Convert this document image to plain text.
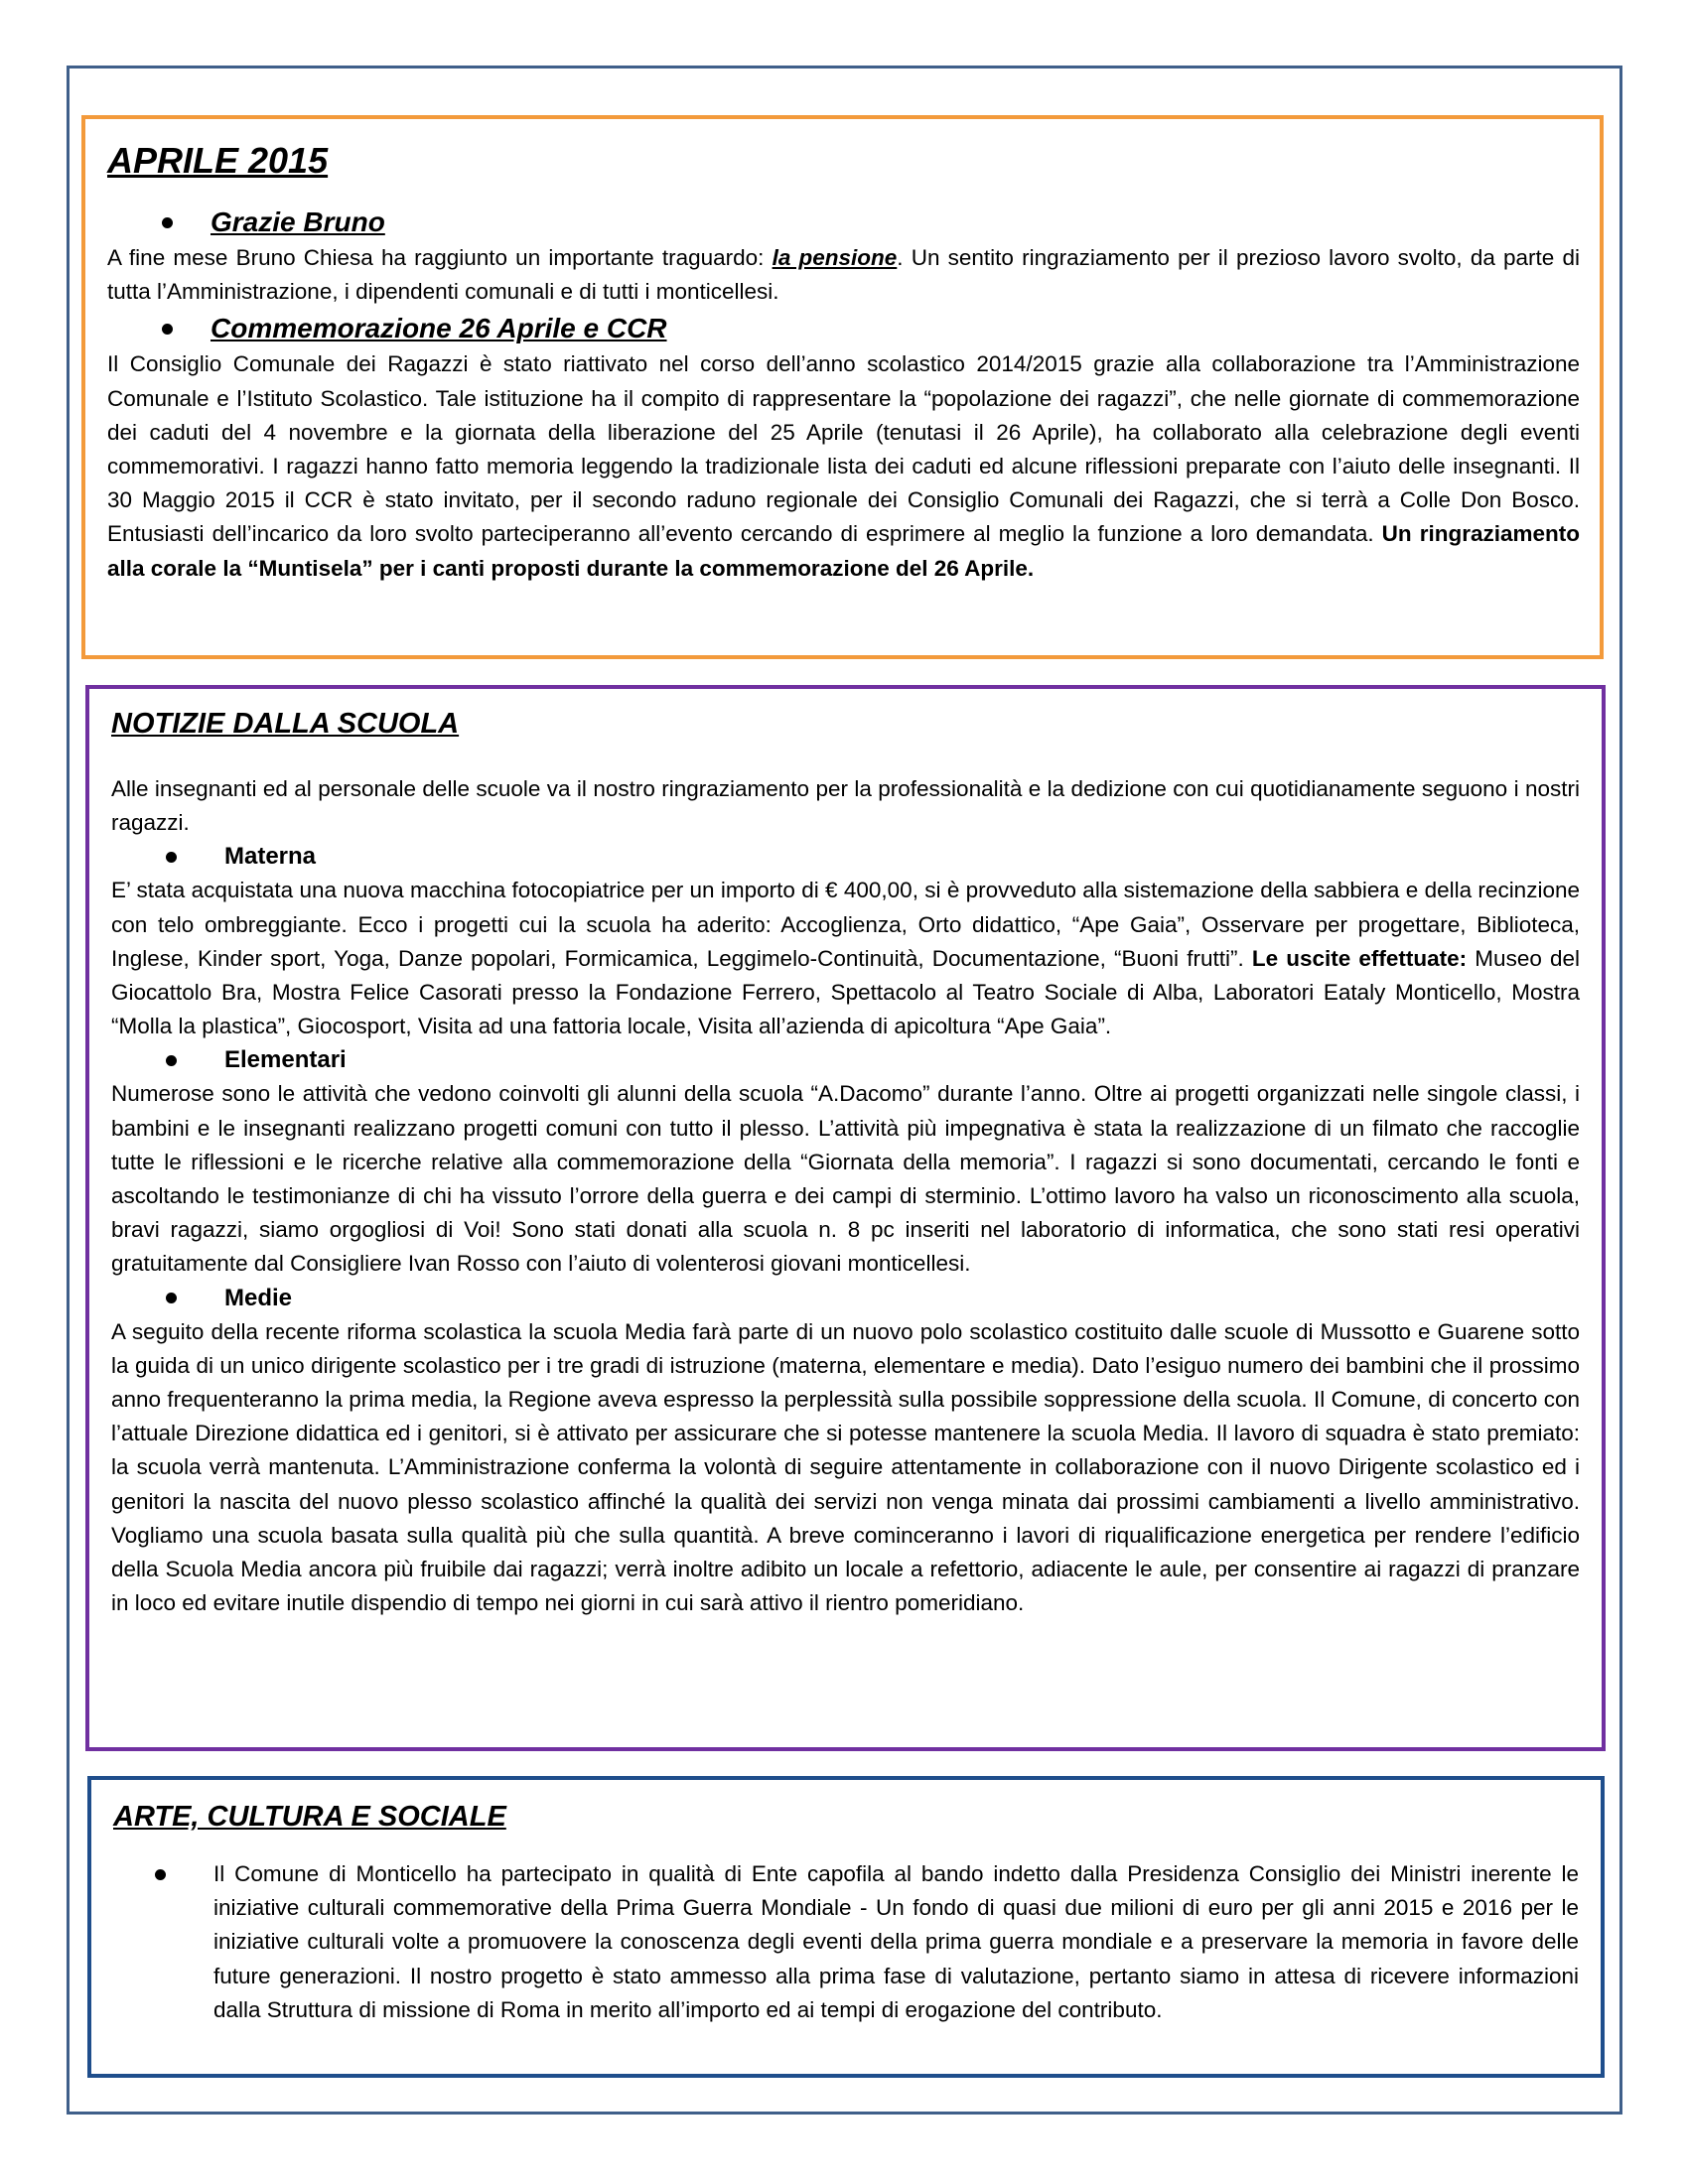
APRILE 2015
Grazie Bruno

A fine mese Bruno Chiesa ha raggiunto un importante traguardo: la pensione. Un sentito ringraziamento per il prezioso lavoro svolto, da parte di tutta l’Amministrazione, i dipendenti comunali e di tutti i monticellesi.

Commemorazione 26 Aprile e CCR

Il Consiglio Comunale dei Ragazzi è stato riattivato nel corso dell’anno scolastico 2014/2015 grazie alla collaborazione tra l’Amministrazione Comunale e l’Istituto Scolastico. Tale istituzione ha il compito di rappresentare la “popolazione dei ragazzi”, che nelle giornate di commemorazione dei caduti del 4 novembre e la giornata della liberazione del 25 Aprile (tenutasi il 26 Aprile), ha collaborato alla celebrazione degli eventi commemorativi. I ragazzi hanno fatto memoria leggendo la tradizionale lista dei caduti ed alcune riflessioni preparate con l’aiuto delle insegnanti. Il 30 Maggio 2015 il CCR è stato invitato, per il secondo raduno regionale dei Consiglio Comunali dei Ragazzi, che si terrà a Colle Don Bosco. Entusiasti dell’incarico da loro svolto parteciperanno all’evento cercando di esprimere al meglio la funzione a loro demandata. Un ringraziamento alla corale la “Muntisela” per i canti proposti durante la commemorazione del 26 Aprile.

NOTIZIE DALLA SCUOLA

Alle insegnanti ed al personale delle scuole va il nostro ringraziamento per la professionalità e la dedizione con cui quotidianamente seguono i nostri ragazzi.

Materna

E’ stata acquistata una nuova macchina fotocopiatrice per un importo di € 400,00, si è provveduto alla sistemazione della sabbiera e della recinzione con telo ombreggiante. Ecco i progetti cui la scuola ha aderito: Accoglienza, Orto didattico, “Ape Gaia”, Osservare per progettare, Biblioteca, Inglese, Kinder sport, Yoga, Danze popolari, Formicamica, Leggimelo-Continuità, Documentazione, “Buoni frutti”. Le uscite effettuate: Museo del Giocattolo Bra, Mostra Felice Casorati presso la Fondazione Ferrero, Spettacolo al Teatro Sociale di Alba, Laboratori Eataly Monticello, Mostra “Molla la plastica”, Giocosport, Visita ad una fattoria locale, Visita all’azienda di apicoltura “Ape Gaia”.

Elementari

Numerose sono le attività che vedono coinvolti gli alunni della scuola “A.Dacomo” durante l’anno. Oltre ai progetti organizzati nelle singole classi, i bambini e le insegnanti realizzano progetti comuni con tutto il plesso. L’attività più impegnativa è stata la realizzazione di un filmato che raccoglie tutte le riflessioni e le ricerche relative alla commemorazione della “Giornata della memoria”. I ragazzi si sono documentati, cercando le fonti e ascoltando le testimonianze di chi ha vissuto l’orrore della guerra e dei campi di sterminio. L’ottimo lavoro ha valso un riconoscimento alla scuola, bravi ragazzi, siamo orgogliosi di Voi! Sono stati donati alla scuola n. 8 pc inseriti nel laboratorio di informatica, che sono stati resi operativi gratuitamente dal Consigliere Ivan Rosso con l’aiuto di volenterosi giovani monticellesi.

Medie

A seguito della recente riforma scolastica la scuola Media farà parte di un nuovo polo scolastico costituito dalle scuole di Mussotto e Guarene sotto la guida di un unico dirigente scolastico per i tre gradi di istruzione (materna, elementare e media). Dato l’esiguo numero dei bambini che il prossimo anno frequenteranno la prima media, la Regione aveva espresso la perplessità sulla possibile soppressione della scuola. Il Comune, di concerto con l’attuale Direzione didattica ed i genitori, si è attivato per assicurare che si potesse mantenere la scuola Media. Il lavoro di squadra è stato premiato: la scuola verrà mantenuta. L’Amministrazione conferma la volontà di seguire attentamente in collaborazione con il nuovo Dirigente scolastico ed i genitori la nascita del nuovo plesso scolastico affinché la qualità dei servizi non venga minata dai prossimi cambiamenti a livello amministrativo. Vogliamo una scuola basata sulla qualità più che sulla quantità. A breve cominceranno i lavori di riqualificazione energetica per rendere l’edificio della Scuola Media ancora più fruibile dai ragazzi; verrà inoltre adibito un locale a refettorio, adiacente le aule, per consentire ai ragazzi di pranzare in loco ed evitare inutile dispendio di tempo nei giorni in cui sarà attivo il rientro pomeridiano.

ARTE, CULTURA E SOCIALE

Il Comune di Monticello ha partecipato in qualità di Ente capofila al bando indetto dalla Presidenza Consiglio dei Ministri inerente le iniziative culturali commemorative della Prima Guerra Mondiale - Un fondo di quasi due milioni di euro per gli anni 2015 e 2016 per le iniziative culturali volte a promuovere la conoscenza degli eventi della prima guerra mondiale e a preservare la memoria in favore delle future generazioni. Il nostro progetto è stato ammesso alla prima fase di valutazione, pertanto siamo in attesa di ricevere informazioni dalla Struttura di missione di Roma in merito all’importo ed ai tempi di erogazione del contributo.
